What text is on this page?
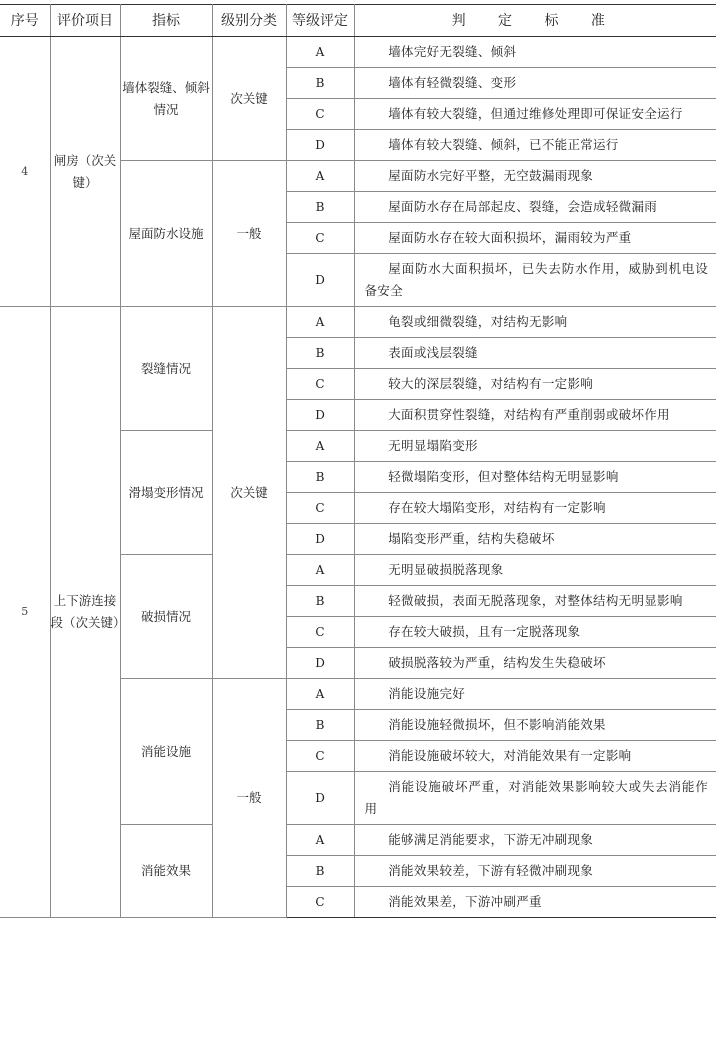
序号	评价项目	指标	级别分类	等级评定	判 定 标 准
4	闸房（次关键）	墙体裂缝、倾斜情况	次关键	A	墙体完好无裂缝、倾斜
				B	墙体有轻微裂缝、变形
				C	墙体有较大裂缝，但通过维修处理即可保证安全运行
				D	墙体有较大裂缝、倾斜，已不能正常运行
		屋面防水设施	一般	A	屋面防水完好平整，无空鼓漏雨现象
				B	屋面防水存在局部起皮、裂缝，会造成轻微漏雨
				C	屋面防水存在较大面积损坏，漏雨较为严重
				D	屋面防水大面积损坏，已失去防水作用，威胁到机电设备安全
5	上下游连接段（次关键）	裂缝情况	次关键	A	龟裂或细微裂缝，对结构无影响
				B	表面或浅层裂缝
				C	较大的深层裂缝，对结构有一定影响
				D	大面积贯穿性裂缝，对结构有严重削弱或破坏作用
		滑塌变形情况		A	无明显塌陷变形
				B	轻微塌陷变形，但对整体结构无明显影响
				C	存在较大塌陷变形，对结构有一定影响
				D	塌陷变形严重，结构失稳破坏
		破损情况		A	无明显破损脱落现象
				B	轻微破损，表面无脱落现象，对整体结构无明显影响
				C	存在较大破损，且有一定脱落现象
				D	破损脱落较为严重，结构发生失稳破坏
		消能设施	一般	A	消能设施完好
				B	消能设施轻微损坏，但不影响消能效果
				C	消能设施破坏较大，对消能效果有一定影响
				D	消能设施破坏严重，对消能效果影响较大或失去消能作用
		消能效果		A	能够满足消能要求，下游无冲刷现象
				B	消能效果较差，下游有轻微冲刷现象
				C	消能效果差，下游冲刷严重
